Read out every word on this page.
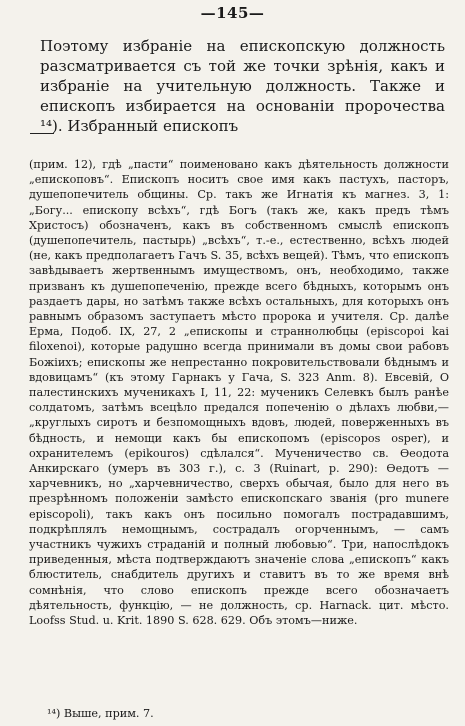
—145—

Поэтому избраніе на епископскую должность разсматривается съ той же точки зрѣнія, какъ и избраніе на учительную должность. Также и епископъ избирается на основаніи пророчества ¹⁴). Избранный епископъ

(прим. 12), гдѣ „пасти“ поименовано какъ дѣятельность должности „епископовъ“. Епископъ носитъ свое имя какъ пастухъ, пасторъ, душепопечитель общины. Ср. такъ же Игнатія къ магнез. 3, 1: „Богу... епископу всѣхъ“, гдѣ Богъ (такъ же, какъ предъ тѣмъ Христосъ) обозначенъ, какъ въ собственномъ смыслѣ епископъ (душепопечитель, пастырь) „всѣхъ“, т.-е., естественно, всѣхъ людей (не, какъ предполагаетъ Гачъ S. 35, всѣхъ вещей). Тѣмъ, что епископъ завѣдываетъ жертвеннымъ имуществомъ, онъ, необходимо, также призванъ къ душепопеченію, прежде всего бѣдныхъ, которымъ онъ раздаетъ дары, но затѣмъ также всѣхъ остальныхъ, для которыхъ онъ равнымъ образомъ заступаетъ мѣсто пророка и учителя. Ср. далѣе Ерма, Подоб. IX, 27, 2 „епископы и страннолюбцы (episcopoi kai filoxenoi), которые радушно всегда принимали въ домы свои рабовъ Божіихъ; епископы же непрестанно покровительствовали бѣднымъ и вдовицамъ“ (къ этому Гарнакъ у Гача, S. 323 Anm. 8). Евсевій, О палестинскихъ мученикахъ I, 11, 22: мученикъ Селевкъ былъ ранѣе солдатомъ, затѣмъ всецѣло предался попеченію о дѣлахъ любви,—„круглыхъ сиротъ и безпомощныхъ вдовъ, людей, поверженныхъ въ бѣдность, и немощи какъ бы епископомъ (episcopos osper), и охранителемъ (epikouros) сдѣлался“. Мученичество св. Ѳеодота Анкирскаго (умеръ въ 303 г.), с. 3 (Ruinart, p. 290): Ѳедотъ — харчевникъ, но „харчевничество, сверхъ обычая, было для него въ презрѣнномъ положеніи замѣсто епископскаго званія (pro munere episcopoli), такъ какъ онъ посильно помогалъ пострадавшимъ, подкрѣплялъ немощнымъ, сострадалъ огорченнымъ, — самъ участникъ чужихъ страданій и полный любовью“. Три, напослѣдокъ приведенныя, мѣста подтверждаютъ значеніе слова „епископъ“ какъ блюститель, снабдитель другихъ и ставитъ въ то же время внѣ сомнѣнія, что слово епископъ прежде всего обозначаетъ дѣятельность, функцію, — не должность, ср. Harnack. цит. мѣсто. Loofss Stud. u. Krit. 1890 S. 628. 629. Объ этомъ—ниже.

¹⁴) Выше, прим. 7.
